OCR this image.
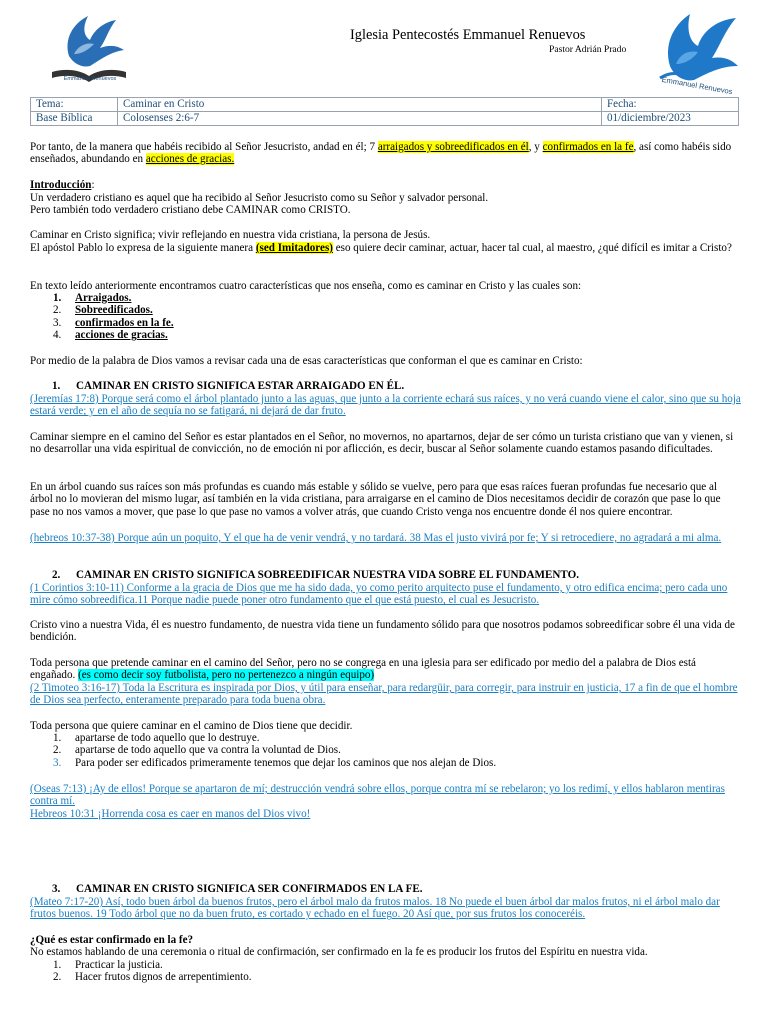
Emmanuel Renuevos
Iglesia Pentecostés Emmanuel Renuevos
Pastor Adrián Prado
Emmanuel Renuevos
Tema:	Caminar en Cristo	Fecha:
Base Bíblica	Colosenses 2:6-7	01/diciembre/2023
Por tanto, de la manera que habéis recibido al Señor Jesucristo, andad en él; 7 arraigados y sobreedificados en él, y confirmados en la fe, así como habéis sido enseñados, abundando en acciones de gracias.
Introducción:
Un verdadero cristiano es aquel que ha recibido al Señor Jesucristo como su Señor y salvador personal.
Pero también todo verdadero cristiano debe CAMINAR como CRISTO.
Caminar en Cristo significa; vivir reflejando en nuestra vida cristiana, la persona de Jesús.
El apóstol Pablo lo expresa de la siguiente manera (sed Imitadores) eso quiere decir caminar, actuar, hacer tal cual, al maestro, ¿qué difícil es imitar a Cristo?
En texto leído anteriormente encontramos cuatro características que nos enseña, como es caminar en Cristo y las cuales son:
1. Arraigados.
2. Sobreedificados.
3. confirmados en la fe.
4. acciones de gracias.
Por medio de la palabra de Dios vamos a revisar cada una de esas características que conforman el que es caminar en Cristo:
1. CAMINAR EN CRISTO SIGNIFICA ESTAR ARRAIGADO EN ÉL.
(Jeremías 17:8) Porque será como el árbol plantado junto a las aguas, que junto a la corriente echará sus raíces, y no verá cuando viene el calor, sino que su hoja estará verde; y en el año de sequía no se fatigará, ni dejará de dar fruto.
Caminar siempre en el camino del Señor es estar plantados en el Señor, no movernos, no apartarnos, dejar de ser cómo un turista cristiano que van y vienen, si no desarrollar una vida espiritual de convicción, no de emoción ni por aflicción, es decir, buscar al Señor solamente cuando estamos pasando dificultades.
En un árbol cuando sus raíces son más profundas es cuando más estable y sólido se vuelve, pero para que esas raíces fueran profundas fue necesario que al árbol no lo movieran del mismo lugar, así también en la vida cristiana, para arraigarse en el camino de Dios necesitamos decidir de corazón que pase lo que pase no nos vamos a mover, que pase lo que pase no vamos a volver atrás, que cuando Cristo venga nos encuentre donde él nos quiere encontrar.
(hebreos 10:37-38) Porque aún un poquito, Y el que ha de venir vendrá, y no tardará. 38 Mas el justo vivirá por fe; Y si retrocediere, no agradará a mi alma.
2. CAMINAR EN CRISTO SIGNIFICA SOBREEDIFICAR NUESTRA VIDA SOBRE EL FUNDAMENTO.
(1 Corintios 3:10-11) Conforme a la gracia de Dios que me ha sido dada, yo como perito arquitecto puse el fundamento, y otro edifica encima; pero cada uno mire cómo sobreedifica.11 Porque nadie puede poner otro fundamento que el que está puesto, el cual es Jesucristo.
Cristo vino a nuestra Vida, él es nuestro fundamento, de nuestra vida tiene un fundamento sólido para que nosotros podamos sobreedificar sobre él una vida de bendición.
Toda persona que pretende caminar en el camino del Señor, pero no se congrega en una iglesia para ser edificado por medio del a palabra de Dios está engañado. (es como decir soy futbolista, pero no pertenezco a ningún equipo)
(2 Timoteo 3:16-17) Toda la Escritura es inspirada por Dios, y útil para enseñar, para redargüir, para corregir, para instruir en justicia, 17 a fin de que el hombre de Dios sea perfecto, enteramente preparado para toda buena obra.
Toda persona que quiere caminar en el camino de Dios tiene que decidir.
1. apartarse de todo aquello que lo destruye.
2. apartarse de todo aquello que va contra la voluntad de Dios.
3. Para poder ser edificados primeramente tenemos que dejar los caminos que nos alejan de Dios.
(Oseas 7:13) ¡Ay de ellos! Porque se apartaron de mí; destrucción vendrá sobre ellos, porque contra mí se rebelaron; yo los redimí, y ellos hablaron mentiras contra mí.
Hebreos 10:31 ¡Horrenda cosa es caer en manos del Dios vivo!
3. CAMINAR EN CRISTO SIGNIFICA SER CONFIRMADOS EN LA FE.
(Mateo 7:17-20) Así, todo buen árbol da buenos frutos, pero el árbol malo da frutos malos. 18 No puede el buen árbol dar malos frutos, ni el árbol malo dar frutos buenos. 19 Todo árbol que no da buen fruto, es cortado y echado en el fuego. 20 Así que, por sus frutos los conoceréis.
¿Qué es estar confirmado en la fe?
No estamos hablando de una ceremonia o ritual de confirmación, ser confirmado en la fe es producir los frutos del Espíritu en nuestra vida.
1. Practicar la justicia.
2. Hacer frutos dignos de arrepentimiento.
